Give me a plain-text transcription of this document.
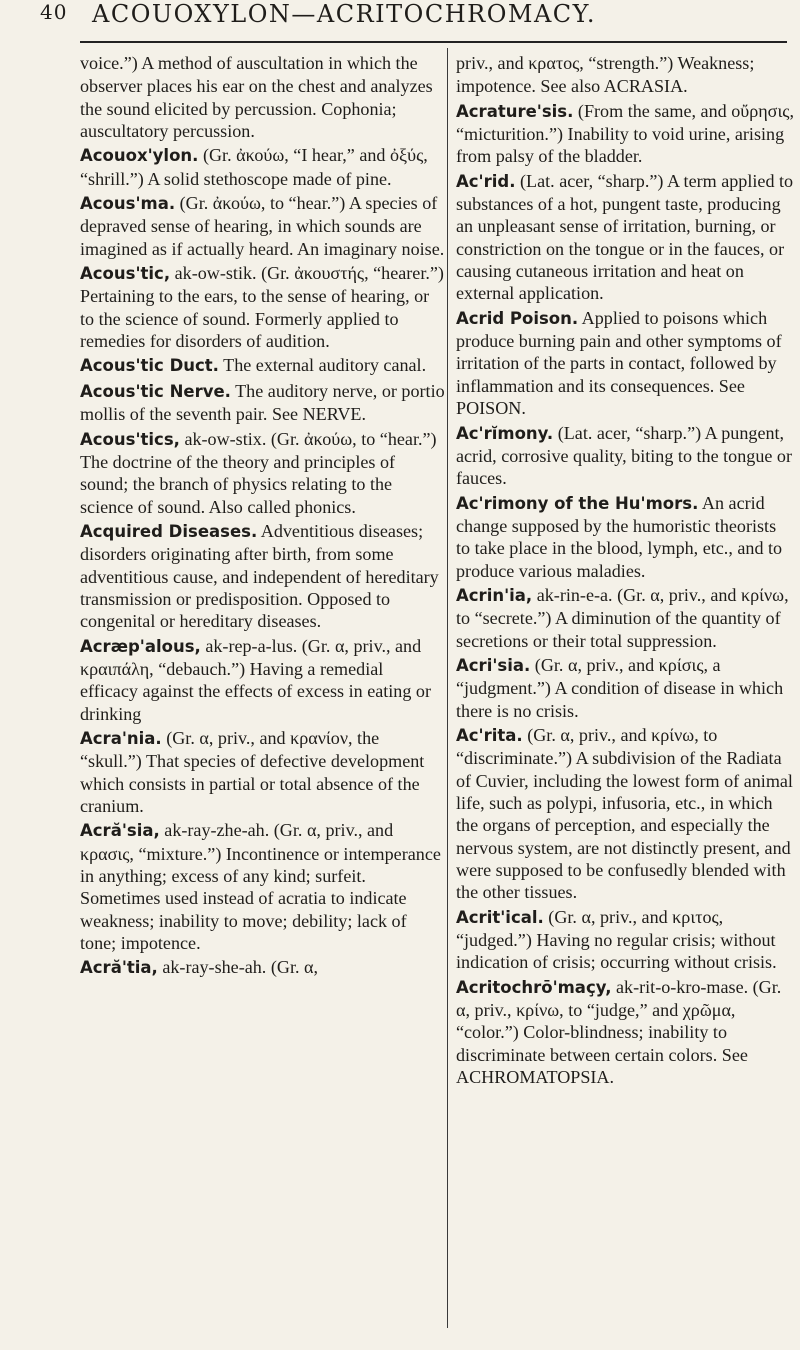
40 ACOUOXYLON—ACRITOCHROMACY.
voice.”) A method of auscultation in which the observer places his ear on the chest and analyzes the sound elicited by percussion. Cophonia; auscultatory percussion.
Acouox'ylon. (Gr. ἀκούω, “I hear,” and ὀξύς, “shrill.”) A solid stethoscope made of pine.
Acous'ma. (Gr. ἀκούω, to “hear.”) A species of depraved sense of hearing, in which sounds are imagined as if actually heard. An imaginary noise.
Acous'tic, ak-ow-stik. (Gr. ἀκουστής, “hearer.”) Pertaining to the ears, to the sense of hearing, or to the science of sound. Formerly applied to remedies for disorders of audition.
Acous'tic Duct. The external auditory canal.
Acous'tic Nerve. The auditory nerve, or portio mollis of the seventh pair. See NERVE.
Acous'tics, ak-ow-stix. (Gr. ἀκούω, to “hear.”) The doctrine of the theory and principles of sound; the branch of physics relating to the science of sound. Also called phonics.
Acquired Diseases. Adventitious diseases; disorders originating after birth, from some adventitious cause, and independent of hereditary transmission or predisposition. Opposed to congenital or hereditary diseases.
Acræp'alous, ak-rep-a-lus. (Gr. α, priv., and κραιπάλη, “debauch.”) Having a remedial efficacy against the effects of excess in eating or drinking
Acra'nia. (Gr. α, priv., and κρανίον, the “skull.”) That species of defective development which consists in partial or total absence of the cranium.
Acră'sia, ak-ray-zhe-ah. (Gr. α, priv., and κρασις, “mixture.”) Incontinence or intemperance in anything; excess of any kind; surfeit. Sometimes used instead of acratia to indicate weakness; inability to move; debility; lack of tone; impotence.
Acră'tia, ak-ray-she-ah. (Gr. α,
priv., and κρατος, “strength.”) Weakness; impotence. See also ACRASIA.
Acrature'sis. (From the same, and οὔρησις, “micturition.”) Inability to void urine, arising from palsy of the bladder.
Ac'rid. (Lat. acer, “sharp.”) A term applied to substances of a hot, pungent taste, producing an unpleasant sense of irritation, burning, or constriction on the tongue or in the fauces, or causing cutaneous irritation and heat on external application.
Acrid Poison. Applied to poisons which produce burning pain and other symptoms of irritation of the parts in contact, followed by inflammation and its consequences. See POISON.
Ac'rĭmony. (Lat. acer, “sharp.”) A pungent, acrid, corrosive quality, biting to the tongue or fauces.
Ac'rimony of the Hu'mors. An acrid change supposed by the humoristic theorists to take place in the blood, lymph, etc., and to produce various maladies.
Acrin'ia, ak-rin-e-a. (Gr. α, priv., and κρίνω, to “secrete.”) A diminution of the quantity of secretions or their total suppression.
Acri'sia. (Gr. α, priv., and κρίσις, a “judgment.”) A condition of disease in which there is no crisis.
Ac'rita. (Gr. α, priv., and κρίνω, to “discriminate.”) A subdivision of the Radiata of Cuvier, including the lowest form of animal life, such as polypi, infusoria, etc., in which the organs of perception, and especially the nervous system, are not distinctly present, and were supposed to be confusedly blended with the other tissues.
Acrit'ical. (Gr. α, priv., and κριτος, “judged.”) Having no regular crisis; without indication of crisis; occurring without crisis.
Acritochrō'maçy, ak-rit-o-kro-mase. (Gr. α, priv., κρίνω, to “judge,” and χρῶμα, “color.”) Color-blindness; inability to discriminate between certain colors. See ACHROMATOPSIA.
